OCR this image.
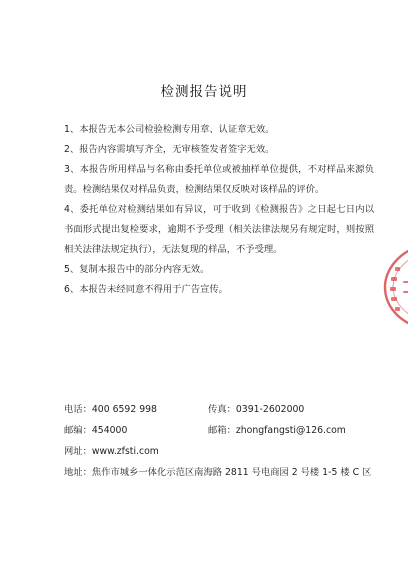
检测报告说明
1、本报告无本公司检验检测专用章、认证章无效。
2、报告内容需填写齐全，无审核签发者签字无效。
3、本报告所用样品与名称由委托单位或被抽样单位提供，不对样品来源负责。检测结果仅对样品负责，检测结果仅反映对该样品的评价。
4、委托单位对检测结果如有异议，可于收到《检测报告》之日起七日内以书面形式提出复检要求，逾期不予受理（相关法律法规另有规定时，则按照相关法律法规定执行），无法复现的样品，不予受理。
5、复制本报告中的部分内容无效。
6、本报告未经同意不得用于广告宣传。
电话：400 6592 998	传真：0391-2602000
邮编：454000	邮箱：zhongfangsti@126.com
网址：www.zfsti.com
地址：焦作市城乡一体化示范区南海路 2811 号电商园 2 号楼 1-5 楼 C 区
